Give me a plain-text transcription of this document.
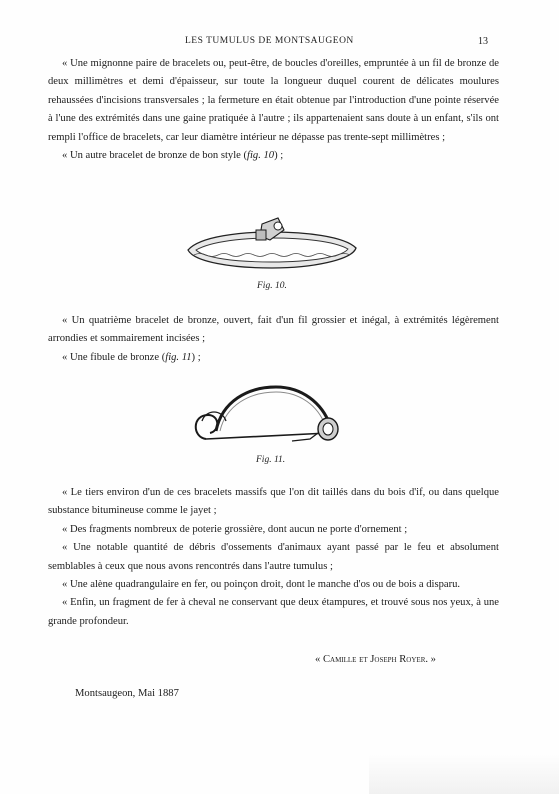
LES TUMULUS DE MONTSAUGEON	13

« Une mignonne paire de bracelets ou, peut-être, de boucles d'oreilles, empruntée à un fil de bronze de deux millimètres et demi d'épaisseur, sur toute la longueur duquel courent de délicates moulures rehaussées d'incisions transversales ; la fermeture en était obtenue par l'introduction d'une pointe réservée à l'une des extrémités dans une gaine pratiquée à l'autre ; ils appartenaient sans doute à un enfant, s'ils ont rempli l'office de bracelets, car leur diamètre intérieur ne dépasse pas trente-sept millimètres ;

« Un autre bracelet de bronze de bon style (fig. 10) ;

Fig. 10.

« Un quatrième bracelet de bronze, ouvert, fait d'un fil grossier et inégal, à extrémités légèrement arrondies et sommairement incisées ;

« Une fibule de bronze (fig. 11) ;

Fig. 11.

« Le tiers environ d'un de ces bracelets massifs que l'on dit taillés dans du bois d'if, ou dans quelque substance bitumineuse comme le jayet ;

« Des fragments nombreux de poterie grossière, dont aucun ne porte d'ornement ;

« Une notable quantité de débris d'ossements d'animaux ayant passé par le feu et absolument semblables à ceux que nous avons rencontrés dans l'autre tumulus ;

« Une alène quadrangulaire en fer, ou poinçon droit, dont le manche d'os ou de bois a disparu.

« Enfin, un fragment de fer à cheval ne conservant que deux étampures, et trouvé sous nos yeux, à une grande profondeur.

« Camille et Joseph Royer. »
Montsaugeon, Mai 1887
